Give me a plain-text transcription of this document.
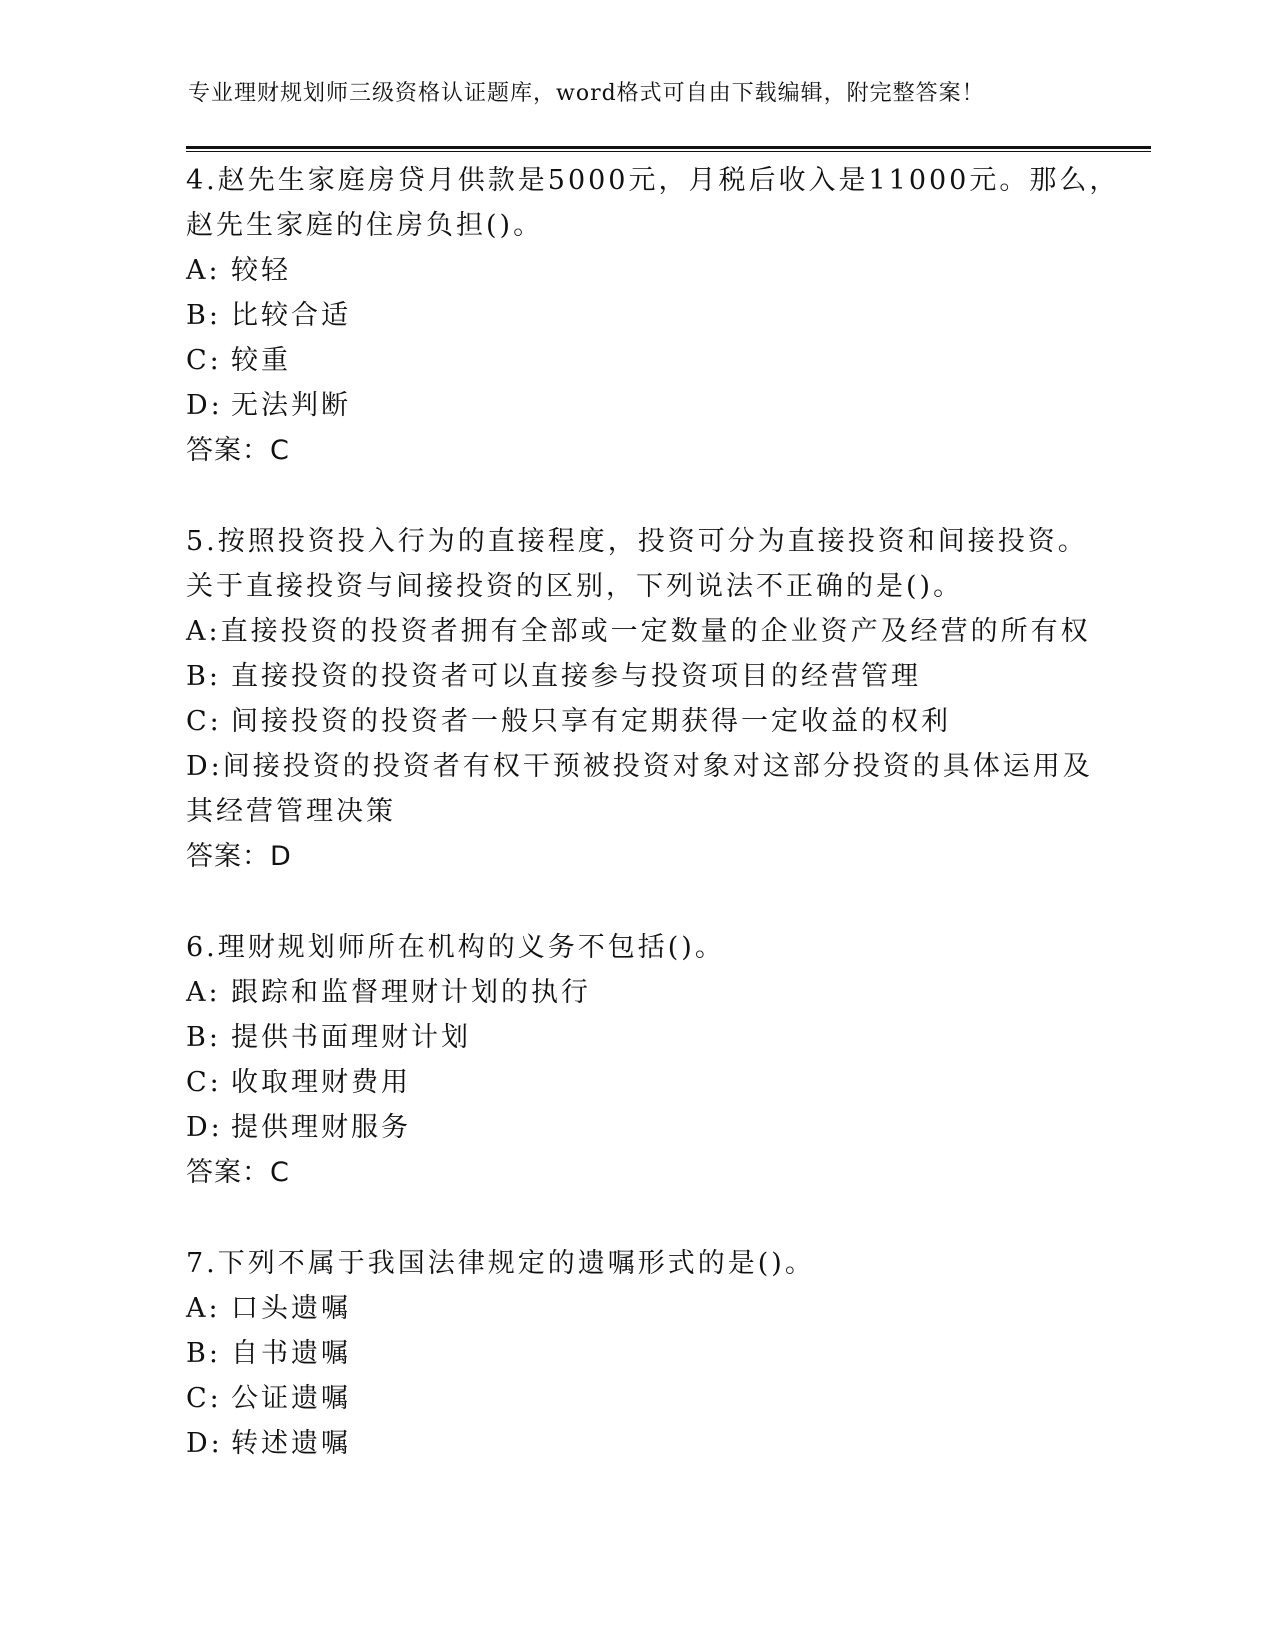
专业理财规划师三级资格认证题库，word格式可自由下载编辑，附完整答案！
4.赵先生家庭房贷月供款是5000元，月税后收入是11000元。那么，
赵先生家庭的住房负担()。
A: 较轻
B: 比较合适
C: 较重
D: 无法判断
答案：C
5.按照投资投入行为的直接程度，投资可分为直接投资和间接投资。
关于直接投资与间接投资的区别，下列说法不正确的是()。
A: 直接投资的投资者拥有全部或一定数量的企业资产及经营的所有权
B: 直接投资的投资者可以直接参与投资项目的经营管理
C: 间接投资的投资者一般只享有定期获得一定收益的权利
D: 间接投资的投资者有权干预被投资对象对这部分投资的具体运用及
其经营管理决策
答案：D
6.理财规划师所在机构的义务不包括()。
A: 跟踪和监督理财计划的执行
B: 提供书面理财计划
C: 收取理财费用
D: 提供理财服务
答案：C
7.下列不属于我国法律规定的遗嘱形式的是()。
A: 口头遗嘱
B: 自书遗嘱
C: 公证遗嘱
D: 转述遗嘱
